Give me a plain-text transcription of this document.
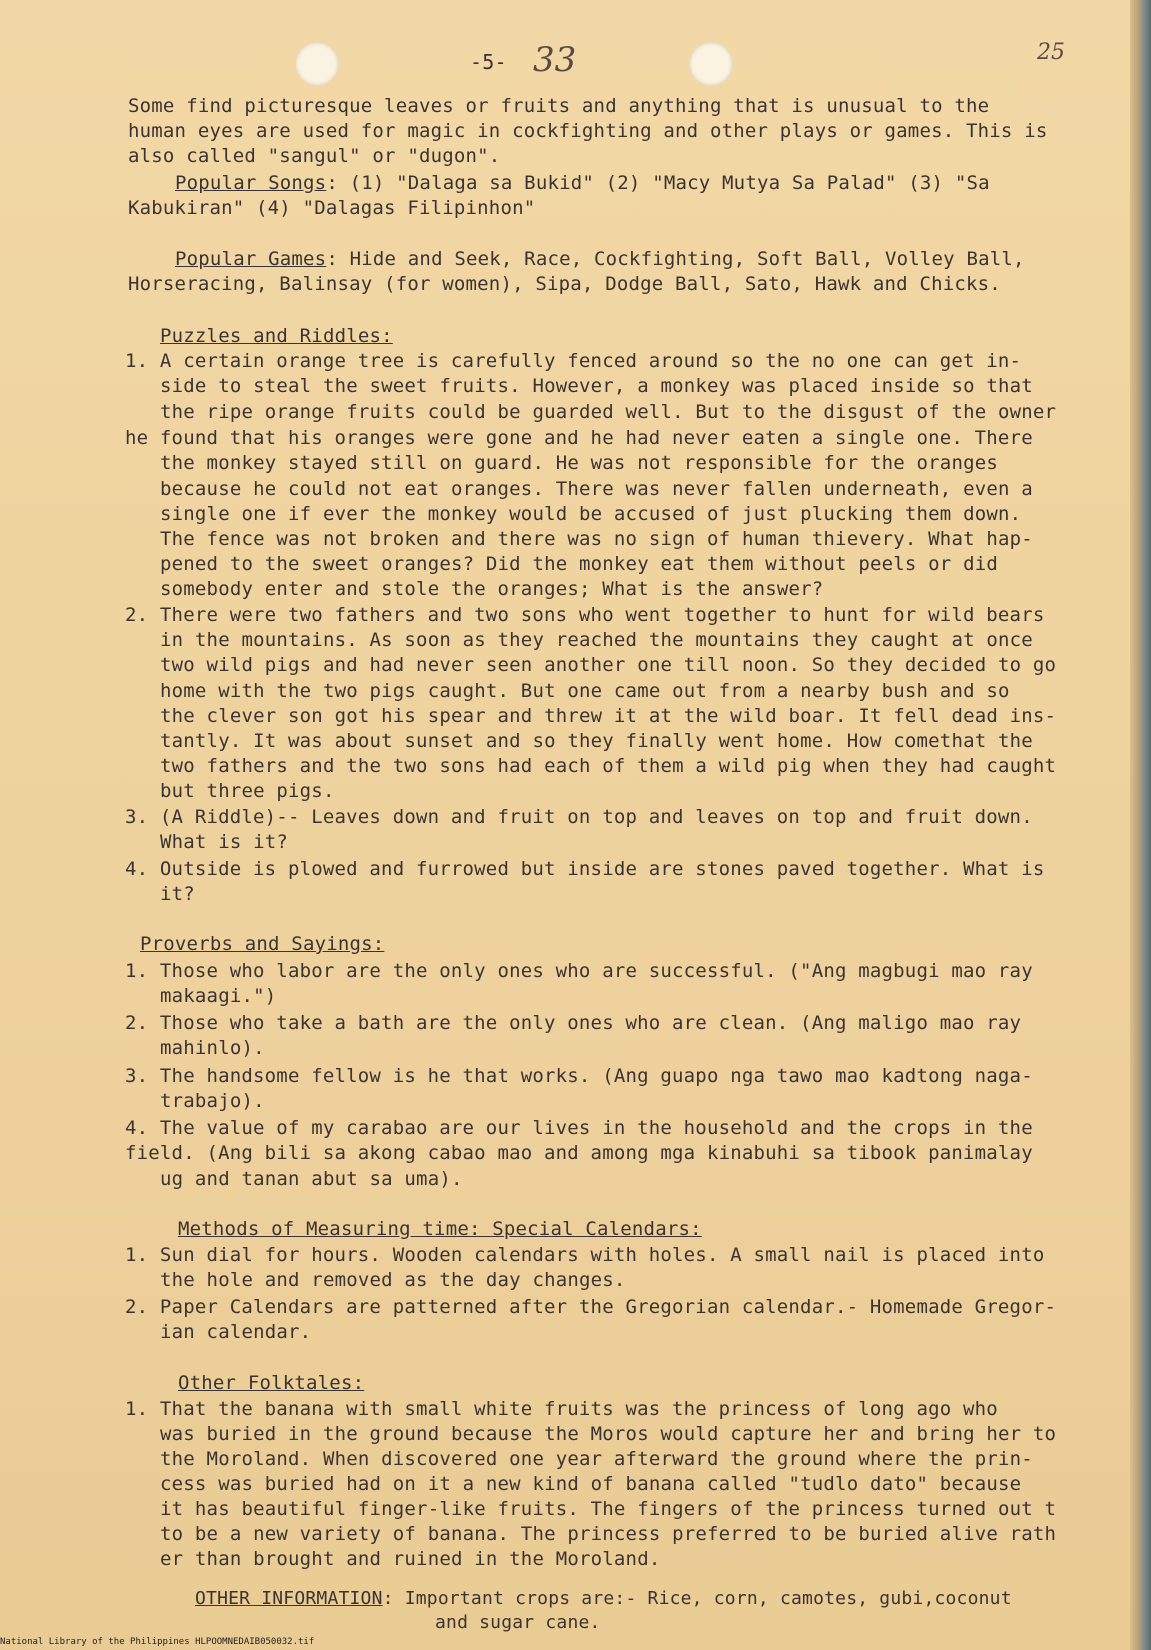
-5- 33	25
Some find picturesque leaves or fruits and anything that is unusual to the
human eyes are used for magic in cockfighting and other plays or games. This is
also called "sangul" or "dugon".
Popular Songs: (1) "Dalaga sa Bukid" (2) "Macy Mutya Sa Palad" (3) "Sa
Kabukiran" (4) "Dalagas Filipinhon"
Popular Games: Hide and Seek, Race, Cockfighting, Soft Ball, Volley Ball,
Horseracing, Balinsay (for women), Sipa, Dodge Ball, Sato, Hawk and Chicks.
Puzzles and Riddles:
1. A certain orange tree is carefully fenced around so the no one can get in-
side to steal the sweet fruits. However, a monkey was placed inside so that
the ripe orange fruits could be guarded well. But to the disgust of the owner
he found that his oranges were gone and he had never eaten a single one. There
the monkey stayed still on guard. He was not responsible for the oranges
because he could not eat oranges. There was never fallen underneath, even a
single one if ever the monkey would be accused of just plucking them down.
The fence was not broken and there was no sign of human thievery. What hap-
pened to the sweet oranges? Did the monkey eat them without peels or did
somebody enter and stole the oranges; What is the answer?
2. There were two fathers and two sons who went together to hunt for wild bears
in the mountains. As soon as they reached the mountains they caught at once
two wild pigs and had never seen another one till noon. So they decided to go
home with the two pigs caught. But one came out from a nearby bush and so
the clever son got his spear and threw it at the wild boar. It fell dead ins-
tantly. It was about sunset and so they finally went home. How comethat the
two fathers and the two sons had each of them a wild pig when they had caught
but three pigs.
3. (A Riddle)-- Leaves down and fruit on top and leaves on top and fruit down.
What is it?
4. Outside is plowed and furrowed but inside are stones paved together. What is
it?
Proverbs and Sayings:
1. Those who labor are the only ones who are successful. ("Ang magbugi mao ray
makaagi.")
2. Those who take a bath are the only ones who are clean. (Ang maligo mao ray
mahinlo).
3. The handsome fellow is he that works. (Ang guapo nga tawo mao kadtong naga-
trabajo).
4. The value of my carabao are our lives in the household and the crops in the
field. (Ang bili sa akong cabao mao and among mga kinabuhi sa tibook panimalay
ug and tanan abut sa uma).
Methods of Measuring time: Special Calendars:
1. Sun dial for hours. Wooden calendars with holes. A small nail is placed into
the hole and removed as the day changes.
2. Paper Calendars are patterned after the Gregorian calendar.- Homemade Gregor-
ian calendar.
Other Folktales:
1. That the banana with small white fruits was the princess of long ago who
was buried in the ground because the Moros would capture her and bring her to
the Moroland. When discovered one year afterward the ground where the prin-
cess was buried had on it a new kind of banana called "tudlo dato" because
it has beautiful finger-like fruits. The fingers of the princess turned out t
to be a new variety of banana. The princess preferred to be buried alive rath
er than brought and ruined in the Moroland.
OTHER INFORMATION: Important crops are:- Rice, corn, camotes, gubi,coconut
and sugar cane.
National Library of the Philippines HLPOOMNEDAIB050032.tif
